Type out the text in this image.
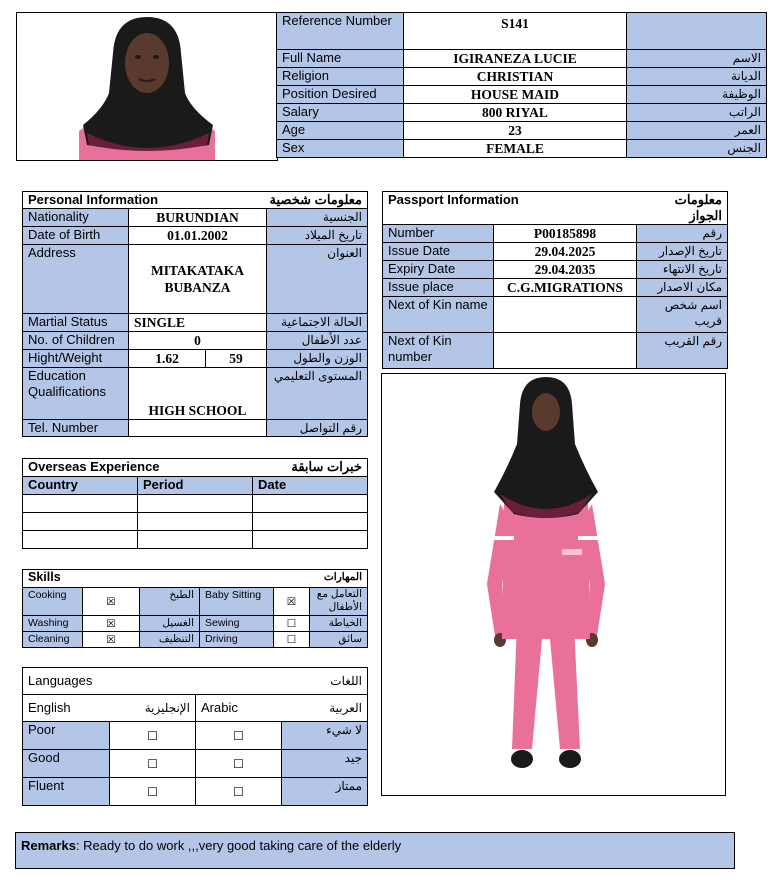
Reference Number	S141	
Full Name	IGIRANEZA LUCIE	الاسم
Religion	CHRISTIAN	الديانة
Position Desired	HOUSE MAID	الوظيفة
Salary	800 RIYAL	الراتب
Age	23	العمر
Sex	FEMALE	الجنس
Personal Information		معلومات شخصية	
Nationality	BURUNDIAN		الجنسية
Date of Birth	01.01.2002		تاريخ الميلاد
Address	MITAKATAKA
BUBANZA		العنوان
Martial Status	SINGLE		الحالة الاجتماعية
No. of Children	0		عدد الأطفال
Hight/Weight	1.62	59	الوزن والطول
Education Qualifications	HIGH SCHOOL		المستوى التعليمي
Tel. Number			رقم التواصل
Passport Information		معلومات الجواز
Number	P00185898	رقم
Issue Date	29.04.2025	تاريخ الإصدار
Expiry Date	29.04.2035	تاريخ الانتهاء
Issue place	C.G.MIGRATIONS	مكان الاصدار
Next of Kin name		اسم شخص قريب
Next of Kin number		رقم القريب
Overseas Experience		خبرات سابقة
Country	Period	Date

Skills			المهارات		
Cooking	☒	الطبخ	Baby Sitting	☒	التعامل مع الأطفال
Washing	☒	الغسيل	Sewing	☐	الخياطة
Cleaning	☒	التنظيف	Driving	☐	سائق
Languages		اللغات	
English	الإنجليزية	Arabic	العربية
Poor	☐	☐	لا شيء
Good	☐	☐	جيد
Fluent	☐	☐	ممتاز
Remarks: Ready to do work ,,,very good taking care of the elderly
